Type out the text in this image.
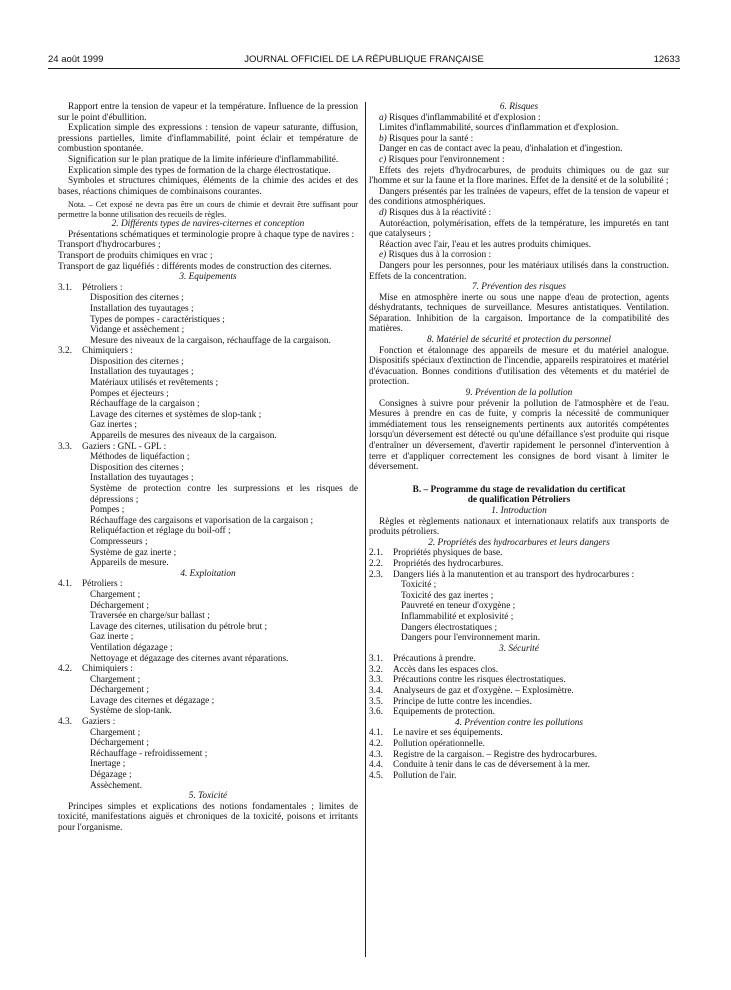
24 août 1999	JOURNAL OFFICIEL DE LA RÉPUBLIQUE FRANÇAISE	12633

Rapport entre la tension de vapeur et la température. Influence de la pression sur le point d'ébullition.

Explication simple des expressions : tension de vapeur saturante, diffusion, pressions partielles, limite d'inflammabilité, point éclair et température de combustion spontanée.

Signification sur le plan pratique de la limite inférieure d'inflammabilité.

Explication simple des types de formation de la charge électrostatique.

Symboles et structures chimiques, éléments de la chimie des acides et des bases, réactions chimiques de combinaisons courantes.

Nota. – Cet exposé ne devra pas être un cours de chimie et devrait être suffisant pour permettre la bonne utilisation des recueils de règles.

2. Différents types de navires-citernes et conception

Présentations schématiques et terminologie propre à chaque type de navires :

Transport d'hydrocarbures ;

Transport de produits chimiques en vrac ;

Transport de gaz liquéfiés : différents modes de construction des citernes.

3. Equipements

3.1. Pétroliers :

Disposition des citernes ;

Installation des tuyautages ;

Types de pompes - caractéristiques ;

Vidange et assèchement ;

Mesure des niveaux de la cargaison, réchauffage de la cargaison.

3.2. Chimiquiers :

Disposition des citernes ;

Installation des tuyautages ;

Matériaux utilisés et revêtements ;

Pompes et éjecteurs ;

Réchauffage de la cargaison ;

Lavage des citernes et systèmes de slop-tank ;

Gaz inertes ;

Appareils de mesures des niveaux de la cargaison.

3.3. Gaziers : GNL - GPL :

Méthodes de liquéfaction ;

Disposition des citernes ;

Installation des tuyautages ;

Système de protection contre les surpressions et les risques de dépressions ;

Pompes ;

Réchauffage des cargaisons et vaporisation de la cargaison ;

Reliquéfaction et réglage du boil-off ;

Compresseurs ;

Système de gaz inerte ;

Appareils de mesure.

4. Exploitation

4.1. Pétroliers :

Chargement ;

Déchargement ;

Traversée en charge/sur ballast ;

Lavage des citernes, utilisation du pétrole brut ;

Gaz inerte ;

Ventilation dégazage ;

Nettoyage et dégazage des citernes avant réparations.

4.2. Chimiquiers :

Chargement ;

Déchargement ;

Lavage des citernes et dégazage ;

Système de slop-tank.

4.3. Gaziers :

Chargement ;

Déchargement ;

Réchauffage - refroidissement ;

Inertage ;

Dégazage ;

Assèchement.

5. Toxicité

Principes simples et explications des notions fondamentales ; limites de toxicité, manifestations aiguës et chroniques de la toxicité, poisons et irritants pour l'organisme.

6. Risques

a) Risques d'inflammabilité et d'explosion :

Limites d'inflammabilité, sources d'inflammation et d'explosion.

b) Risques pour la santé :

Danger en cas de contact avec la peau, d'inhalation et d'ingestion.

c) Risques pour l'environnement :

Effets des rejets d'hydrocarbures, de produits chimiques ou de gaz sur l'homme et sur la faune et la flore marines. Effet de la densité et de la solubilité ;

Dangers présentés par les traînées de vapeurs, effet de la tension de vapeur et des conditions atmosphériques.

d) Risques dus à la réactivité :

Autoréaction, polymérisation, effets de la température, les impuretés en tant que catalyseurs ;

Réaction avec l'air, l'eau et les autres produits chimiques.

e) Risques dus à la corrosion :

Dangers pour les personnes, pour les matériaux utilisés dans la construction. Effets de la concentration.

7. Prévention des risques

Mise en atmosphère inerte ou sous une nappe d'eau de protection, agents déshydratants, techniques de surveillance. Mesures antistatiques. Ventilation. Séparation. Inhibition de la cargaison. Importance de la compatibilité des matières.

8. Matériel de sécurité et protection du personnel

Fonction et étalonnage des appareils de mesure et du matériel analogue. Dispositifs spéciaux d'extinction de l'incendie, appareils respiratoires et matériel d'évacuation. Bonnes conditions d'utilisation des vêtements et du matériel de protection.

9. Prévention de la pollution

Consignes à suivre pour prévenir la pollution de l'atmosphère et de l'eau. Mesures à prendre en cas de fuite, y compris la nécessité de communiquer immédiatement tous les renseignements pertinents aux autorités compétentes lorsqu'un déversement est détecté ou qu'une défaillance s'est produite qui risque d'entraîner un déversement, d'avertir rapidement le personnel d'intervention à terre et d'appliquer correctement les consignes de bord visant à limiter le déversement.

B. – Programme du stage de revalidation du certificat

de qualification Pétroliers

1. Introduction

Règles et règlements nationaux et internationaux relatifs aux transports de produits pétroliers.

2. Propriétés des hydrocarbures et leurs dangers

2.1. Propriétés physiques de base.

2.2. Propriétés des hydrocarbures.

2.3. Dangers liés à la manutention et au transport des hydrocarbures :

Toxicité ;

Toxicité des gaz inertes ;

Pauvreté en teneur d'oxygène ;

Inflammabilité et explosivité ;

Dangers électrostatiques ;

Dangers pour l'environnement marin.

3. Sécurité

3.1. Précautions à prendre.

3.2. Accès dans les espaces clos.

3.3. Précautions contre les risques électrostatiques.

3.4. Analyseurs de gaz et d'oxygène. – Explosimètre.

3.5. Principe de lutte contre les incendies.

3.6. Equipements de protection.

4. Prévention contre les pollutions

4.1. Le navire et ses équipements.

4.2. Pollution opérationnelle.

4.3. Registre de la cargaison. – Registre des hydrocarbures.

4.4. Conduite à tenir dans le cas de déversement à la mer.

4.5. Pollution de l'air.
